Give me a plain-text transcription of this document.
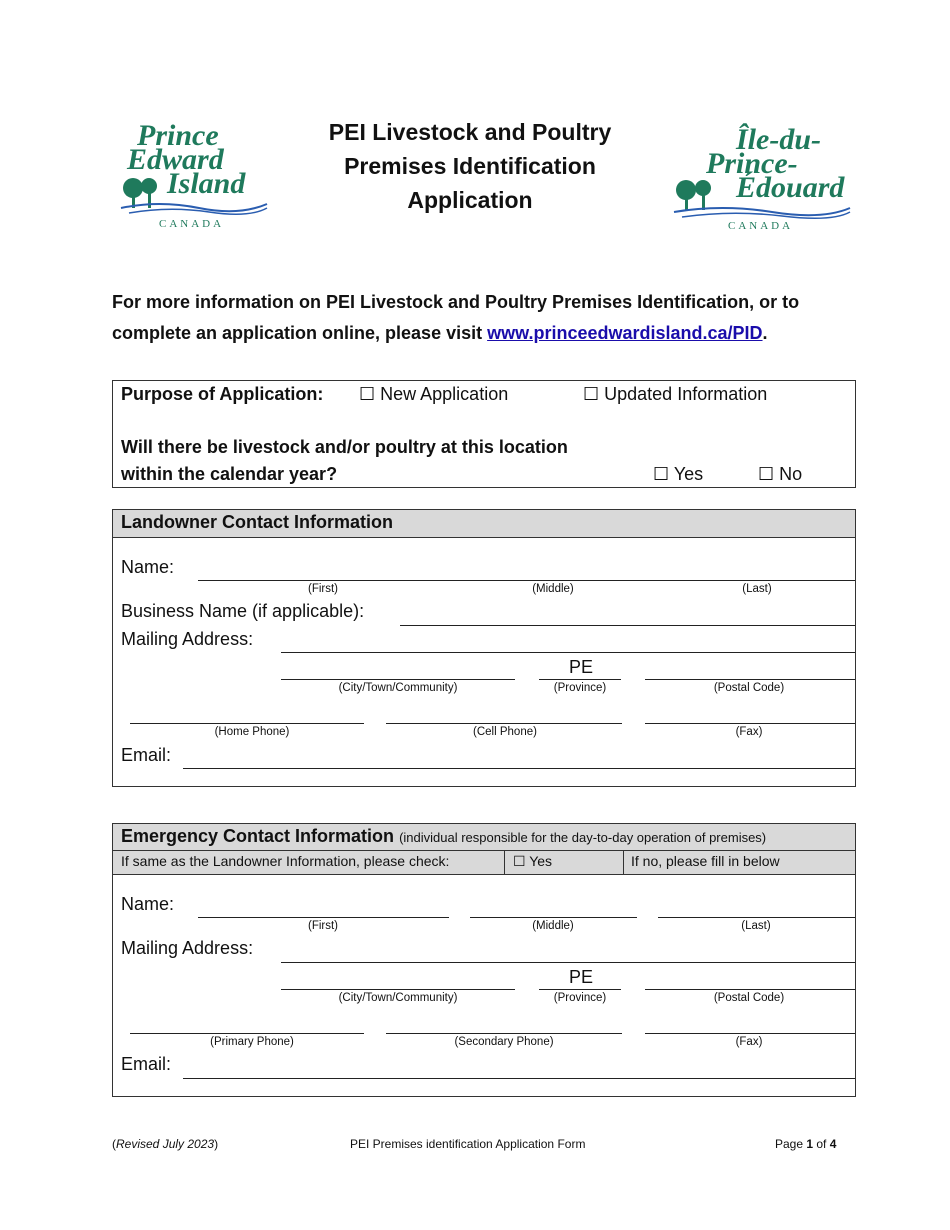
Prince
Edward
Island
CANADA
PEI Livestock and Poultry
Premises Identification
Application
Île-du-
Prince-
Édouard
CANADA
For more information on PEI Livestock and Poultry Premises Identification, or to complete an application online, please visit www.princeedwardisland.ca/PID.
Purpose of Application: ☐ New Application	☐ Updated Information
Will there be livestock and/or poultry at this location
within the calendar year?	☐ Yes	☐ No
Landowner Contact Information
Name:
(First)	(Middle)	(Last)
Business Name (if applicable):
Mailing Address:
PE
(City/Town/Community)	(Province)	(Postal Code)
(Home Phone)	(Cell Phone)	(Fax)
Email:
Emergency Contact Information (individual responsible for the day-to-day operation of premises)
If same as the Landowner Information, please check:	☐ Yes	If no, please fill in below
Name:
(First)	(Middle)	(Last)
Mailing Address:
PE
(City/Town/Community)	(Province)	(Postal Code)
(Primary Phone)	(Secondary Phone)	(Fax)
Email:
(Revised July 2023)	PEI Premises identification Application Form	Page 1 of 4
